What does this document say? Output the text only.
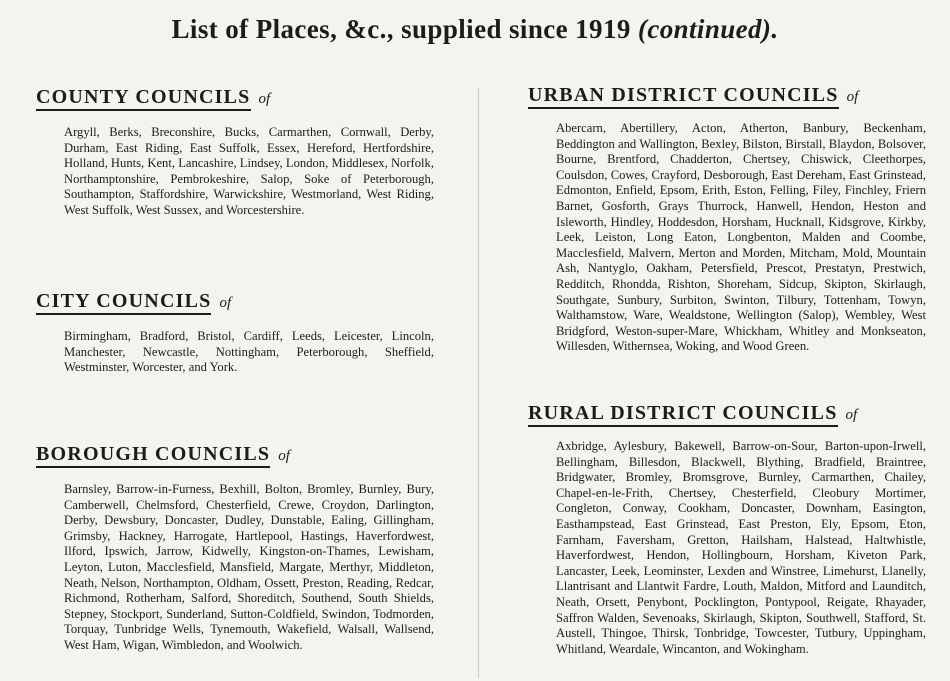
List of Places, &c., supplied since 1919 (continued).
COUNTY COUNCILS of

Argyll, Berks, Breconshire, Bucks, Carmarthen, Cornwall, Derby, Durham, East Riding, East Suffolk, Essex, Hereford, Hertfordshire, Holland, Hunts, Kent, Lancashire, Lindsey, London, Middlesex, Norfolk, Northamptonshire, Pembrokeshire, Salop, Soke of Peterborough, Southampton, Staffordshire, Warwickshire, Westmorland, West Riding, West Suffolk, West Sussex, and Worcestershire.

CITY COUNCILS of

Birmingham, Bradford, Bristol, Cardiff, Leeds, Leicester, Lincoln, Manchester, Newcastle, Nottingham, Peterborough, Sheffield, Westminster, Worcester, and York.

BOROUGH COUNCILS of

Barnsley, Barrow-in-Furness, Bexhill, Bolton, Bromley, Burnley, Bury, Camberwell, Chelmsford, Chesterfield, Crewe, Croydon, Darlington, Derby, Dewsbury, Doncaster, Dudley, Dunstable, Ealing, Gillingham, Grimsby, Hackney, Harrogate, Hartlepool, Hastings, Haverfordwest, Ilford, Ipswich, Jarrow, Kidwelly, Kingston-on-Thames, Lewisham, Leyton, Luton, Macclesfield, Mansfield, Margate, Merthyr, Middleton, Neath, Nelson, Northampton, Oldham, Ossett, Preston, Reading, Redcar, Richmond, Rotherham, Salford, Shoreditch, Southend, South Shields, Stepney, Stockport, Sunderland, Sutton-Coldfield, Swindon, Todmorden, Torquay, Tunbridge Wells, Tynemouth, Wakefield, Walsall, Wallsend, West Ham, Wigan, Wimbledon, and Woolwich.

URBAN DISTRICT COUNCILS of

Abercarn, Abertillery, Acton, Atherton, Banbury, Beckenham, Beddington and Wallington, Bexley, Bilston, Birstall, Blaydon, Bolsover, Bourne, Brentford, Chadderton, Chertsey, Chiswick, Cleethorpes, Coulsdon, Cowes, Crayford, Desborough, East Dereham, East Grinstead, Edmonton, Enfield, Epsom, Erith, Eston, Felling, Filey, Finchley, Friern Barnet, Gosforth, Grays Thurrock, Hanwell, Hendon, Heston and Isleworth, Hindley, Hoddesdon, Horsham, Hucknall, Kidsgrove, Kirkby, Leek, Leiston, Long Eaton, Longbenton, Malden and Coombe, Macclesfield, Malvern, Merton and Morden, Mitcham, Mold, Mountain Ash, Nantyglo, Oakham, Petersfield, Prescot, Prestatyn, Prestwich, Redditch, Rhondda, Rishton, Shoreham, Sidcup, Skipton, Skirlaugh, Southgate, Sunbury, Surbiton, Swinton, Tilbury, Tottenham, Towyn, Walthamstow, Ware, Wealdstone, Wellington (Salop), Wembley, West Bridgford, Weston-super-Mare, Whickham, Whitley and Monkseaton, Willesden, Withernsea, Woking, and Wood Green.

RURAL DISTRICT COUNCILS of

Axbridge, Aylesbury, Bakewell, Barrow-on-Sour, Barton-upon-Irwell, Bellingham, Billesdon, Blackwell, Blything, Bradfield, Braintree, Bridgwater, Bromley, Bromsgrove, Burnley, Carmarthen, Chailey, Chapel-en-le-Frith, Chertsey, Chesterfield, Cleobury Mortimer, Congleton, Conway, Cookham, Doncaster, Downham, Easington, Easthampstead, East Grinstead, East Preston, Ely, Epsom, Eton, Farnham, Faversham, Gretton, Hailsham, Halstead, Haltwhistle, Haverfordwest, Hendon, Hollingbourn, Horsham, Kiveton Park, Lancaster, Leek, Leominster, Lexden and Winstree, Limehurst, Llanelly, Llantrisant and Llantwit Fardre, Louth, Maldon, Mitford and Launditch, Neath, Orsett, Penybont, Pocklington, Pontypool, Reigate, Rhayader, Saffron Walden, Sevenoaks, Skirlaugh, Skipton, Southwell, Stafford, St. Austell, Thingoe, Thirsk, Tonbridge, Towcester, Tutbury, Uppingham, Whitland, Weardale, Wincanton, and Wokingham.
